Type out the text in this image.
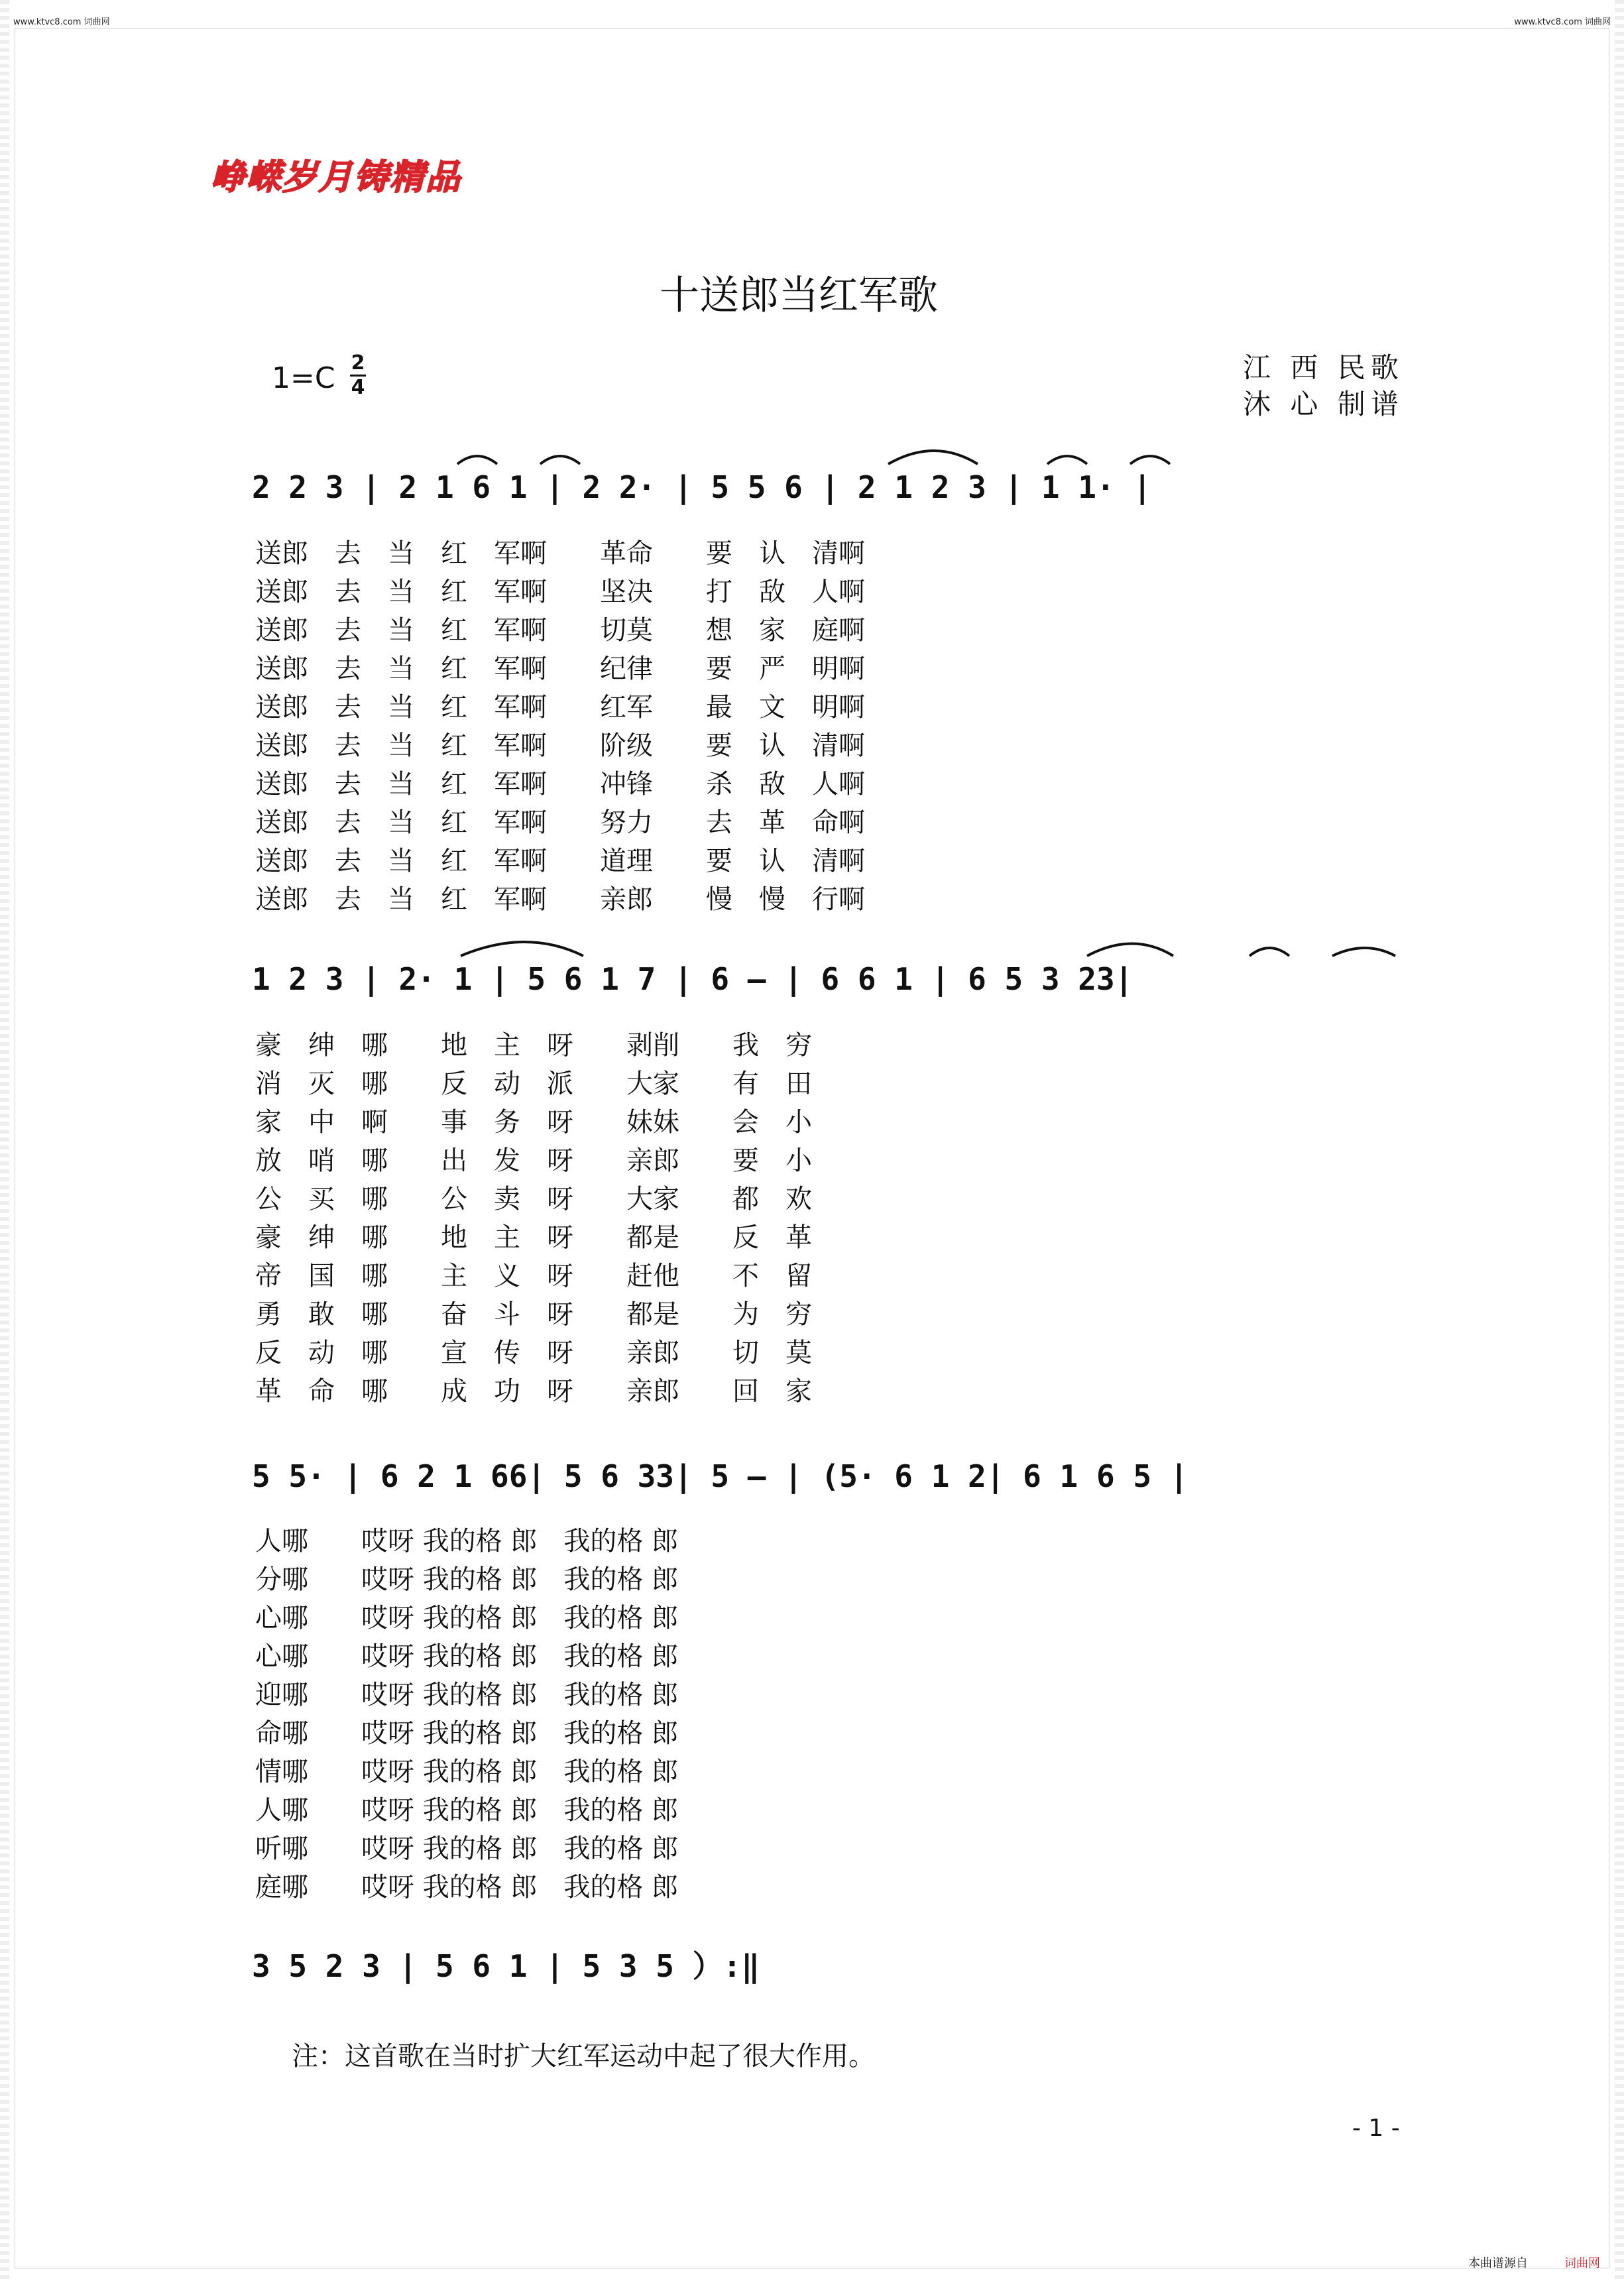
www.ktvc8.com 词曲网	www.ktvc8.com 词曲网
本曲谱源自	词曲网
峥嵘岁月铸精品
十送郎当红军歌
1=C 2
4
江 西 民歌
沐 心 制谱
2 2 3 | 2 1 6 1 | 2 2· | 5 5 6 | 2 1 2 3 | 1 1· |
送郎　去　当　红　军啊　　革命　　要　认　清啊
送郎　去　当　红　军啊　　坚决　　打　敌　人啊
送郎　去　当　红　军啊　　切莫　　想　家　庭啊
送郎　去　当　红　军啊　　纪律　　要　严　明啊
送郎　去　当　红　军啊　　红军　　最　文　明啊
送郎　去　当　红　军啊　　阶级　　要　认　清啊
送郎　去　当　红　军啊　　冲锋　　杀　敌　人啊
送郎　去　当　红　军啊　　努力　　去　革　命啊
送郎　去　当　红　军啊　　道理　　要　认　清啊
送郎　去　当　红　军啊　　亲郎　　慢　慢　行啊
1 2 3 | 2· 1 | 5 6 1 7 | 6 – | 6 6 1 | 6 5 3 23|
豪　绅　哪　　地　主　呀　　剥削　　我　穷
消　灭　哪　　反　动　派　　大家　　有　田
家　中　啊　　事　务　呀　　妹妹　　会　小
放　哨　哪　　出　发　呀　　亲郎　　要　小
公　买　哪　　公　卖　呀　　大家　　都　欢
豪　绅　哪　　地　主　呀　　都是　　反　革
帝　国　哪　　主　义　呀　　赶他　　不　留
勇　敢　哪　　奋　斗　呀　　都是　　为　穷
反　动　哪　　宣　传　呀　　亲郎　　切　莫
革　命　哪　　成　功　呀　　亲郎　　回　家
5 5· | 6 2 1 66| 5 6 33| 5 – | (5· 6 1 2| 6 1 6 5 |
人哪　　哎呀 我的格 郎　我的格 郎
分哪　　哎呀 我的格 郎　我的格 郎
心哪　　哎呀 我的格 郎　我的格 郎
心哪　　哎呀 我的格 郎　我的格 郎
迎哪　　哎呀 我的格 郎　我的格 郎
命哪　　哎呀 我的格 郎　我的格 郎
情哪　　哎呀 我的格 郎　我的格 郎
人哪　　哎呀 我的格 郎　我的格 郎
听哪　　哎呀 我的格 郎　我的格 郎
庭哪　　哎呀 我的格 郎　我的格 郎
3 5 2 3 | 5 6 1 | 5 3 5 ）:‖
注：这首歌在当时扩大红军运动中起了很大作用。
- 1 -
